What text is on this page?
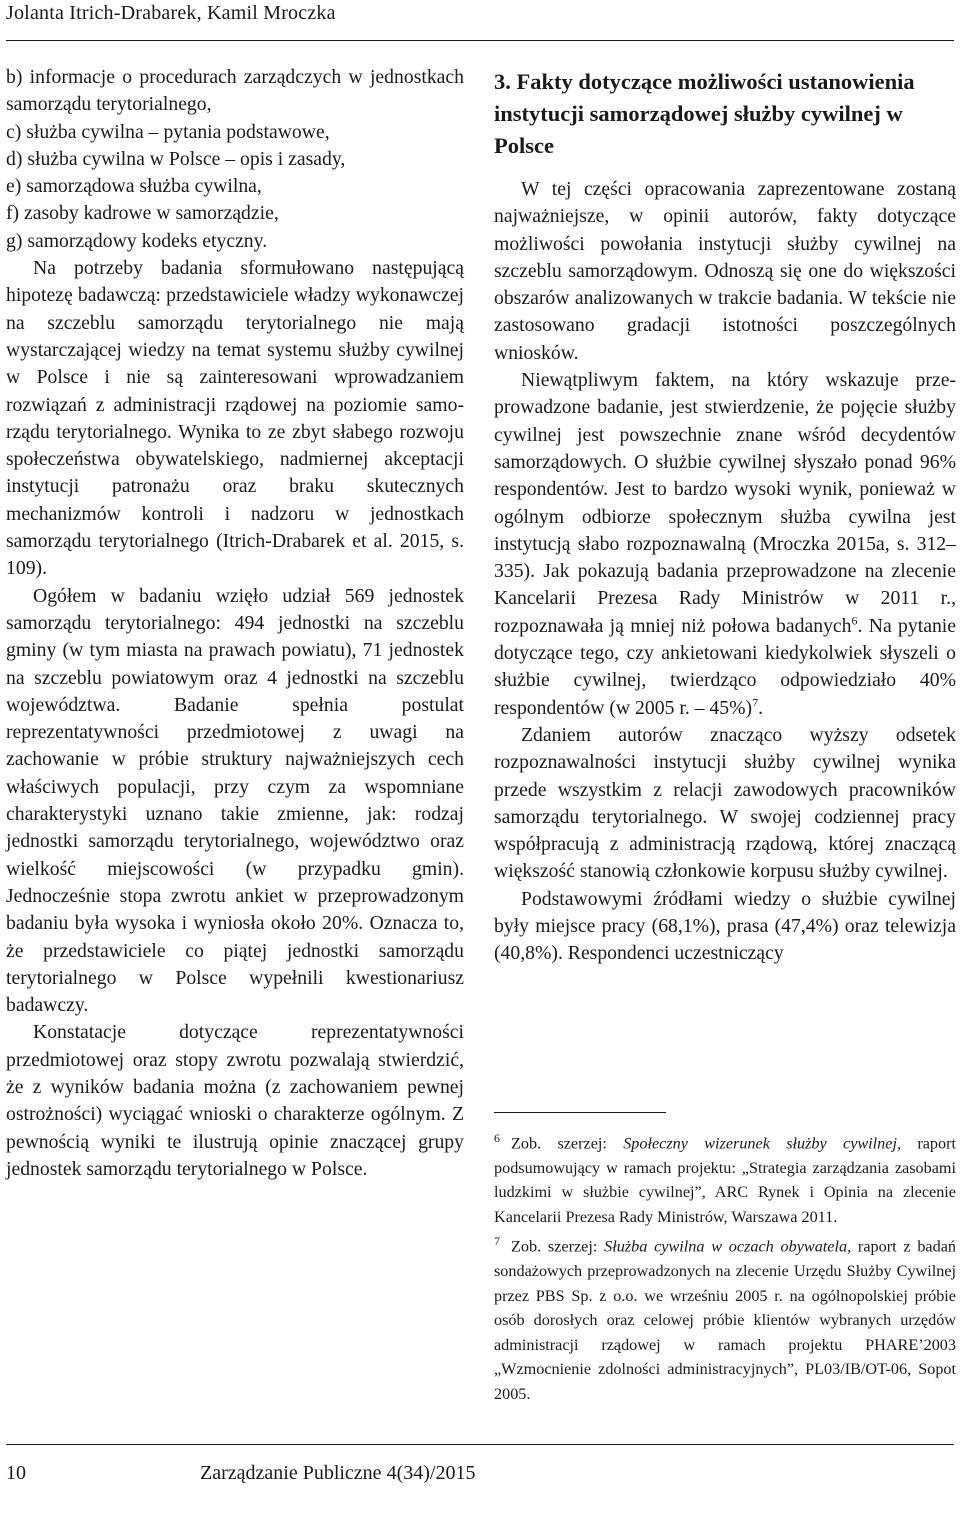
Jolanta Itrich-Drabarek, Kamil Mroczka
b) informacje o procedurach zarządczych w jednostkach samorządu terytorialnego,
c) służba cywilna – pytania podstawowe,
d) służba cywilna w Polsce – opis i zasady,
e) samorządowa służba cywilna,
f) zasoby kadrowe w samorządzie,
g) samorządowy kodeks etyczny.

Na potrzeby badania sformułowano następującą hipotezę badawczą: przedstawiciele władzy wykonawczej na szczeblu samorządu terytorialnego nie mają wystarczającej wiedzy na temat systemu służby cywilnej w Polsce i nie są zainteresowani wprowadzaniem rozwiązań z administracji rządowej na poziomie samorządu terytorialnego. Wynika to ze zbyt słabego rozwoju społeczeństwa obywatelskiego, nadmiernej akceptacji instytucji patronażu oraz braku skutecznych mechanizmów kontroli i nadzoru w jednostkach samorządu terytorialnego (Itrich-Drabarek et al. 2015, s. 109).

Ogółem w badaniu wzięło udział 569 jednostek samorządu terytorialnego: 494 jednostki na szczeblu gminy (w tym miasta na prawach powiatu), 71 jednostek na szczeblu powiatowym oraz 4 jednostki na szczeblu województwa. Badanie spełnia postulat reprezentatywności przedmiotowej z uwagi na zachowanie w próbie struktury najważniejszych cech właściwych populacji, przy czym za wspomniane charakterystyki uznano takie zmienne, jak: rodzaj jednostki samorządu terytorialnego, województwo oraz wielkość miejscowości (w przypadku gmin). Jednocześnie stopa zwrotu ankiet w przeprowadzonym badaniu była wysoka i wyniosła około 20%. Oznacza to, że przedstawiciele co piątej jednostki samorządu terytorialnego w Polsce wypełnili kwestionariusz badawczy.

Konstatacje dotyczące reprezentatywności przedmiotowej oraz stopy zwrotu pozwalają stwierdzić, że z wyników badania można (z zachowaniem pewnej ostrożności) wyciągać wnioski o charakterze ogólnym. Z pewnością wyniki te ilustrują opinie znaczącej grupy jednostek samorządu terytorialnego w Polsce.

3. Fakty dotyczące możliwości ustanowienia instytucji samorządowej służby cywilnej w Polsce

W tej części opracowania zaprezentowane zostaną najważniejsze, w opinii autorów, fakty dotyczące możliwości powołania instytucji służby cywilnej na szczeblu samorządowym. Odnoszą się one do większości obszarów analizowanych w trakcie badania. W tekście nie zastosowano gradacji istotności poszczególnych wniosków.

Niewątpliwym faktem, na który wskazuje przeprowadzone badanie, jest stwierdzenie, że pojęcie służby cywilnej jest powszechnie znane wśród decydentów samorządowych. O służbie cywilnej słyszało ponad 96% respondentów. Jest to bardzo wysoki wynik, ponieważ w ogólnym odbiorze społecznym służba cywilna jest instytucją słabo rozpoznawalną (Mroczka 2015a, s. 312–335). Jak pokazują badania przeprowadzone na zlecenie Kancelarii Prezesa Rady Ministrów w 2011 r., rozpoznawała ją mniej niż połowa badanych$^6$. Na pytanie dotyczące tego, czy ankietowani kiedykolwiek słyszeli o służbie cywilnej, twierdząco odpowiedziało 40% respondentów (w 2005 r. – 45%)$^7$.

Zdaniem autorów znacząco wyższy odsetek rozpoznawalności instytucji służby cywilnej wynika przede wszystkim z relacji zawodowych pracowników samorządu terytorialnego. W swojej codziennej pracy współpracują z administracją rządową, której znaczącą większość stanowią członkowie korpusu służby cywilnej.

Podstawowymi źródłami wiedzy o służbie cywilnej były miejsce pracy (68,1%), prasa (47,4%) oraz telewizja (40,8%). Respondenci uczestniczący

$^6$ Zob. szerzej: Społeczny wizerunek służby cywilnej, raport podsumowujący w ramach projektu: „Strategia zarządzania zasobami ludzkimi w służbie cywilnej”, ARC Rynek i Opinia na zlecenie Kancelarii Prezesa Rady Ministrów, Warszawa 2011.

$^7$ Zob. szerzej: Służba cywilna w oczach obywatela, raport z badań sondażowych przeprowadzonych na zlecenie Urzędu Służby Cywilnej przez PBS Sp. z o.o. we wrześniu 2005 r. na ogólnopolskiej próbie osób dorosłych oraz celowej próbie klientów wybranych urzędów administracji rządowej w ramach projektu PHARE’2003 „Wzmocnienie zdolności administracyjnych”, PL03/IB/OT-06, Sopot 2005.

10	Zarządzanie Publiczne 4(34)/2015
